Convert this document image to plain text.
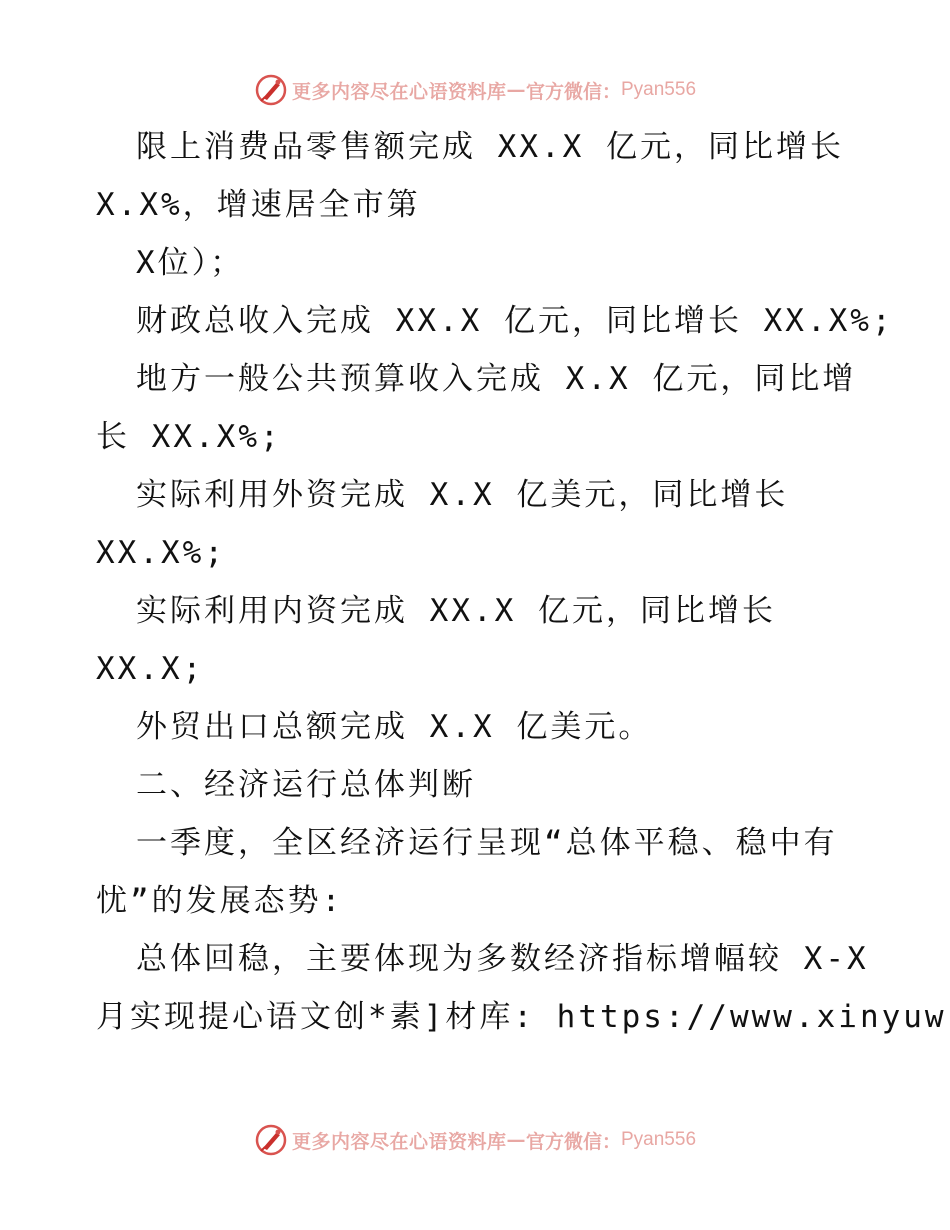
更多内容尽在心语资料库 — 官方微信： Pyan556
限上消费品零售额完成 XX.X 亿元，同比增长
X.X%，增速居全市第
X位）；
财政总收入完成 XX.X 亿元，同比增长 XX.X%;
地方一般公共预算收入完成 X.X 亿元，同比增
长 XX.X%;
实际利用外资完成 X.X 亿美元，同比增长
XX.X%;
实际利用内资完成 XX.X 亿元，同比增长
XX.X;
外贸出口总额完成 X.X 亿美元。
二、经济运行总体判断
一季度，全区经济运行呈现“总体平稳、稳中有
忧”的发展态势:
总体回稳，主要体现为多数经济指标增幅较 X-X
月实现提心语文创*素]材库: https://www.xinyuw
更多内容尽在心语资料库 — 官方微信： Pyan556
